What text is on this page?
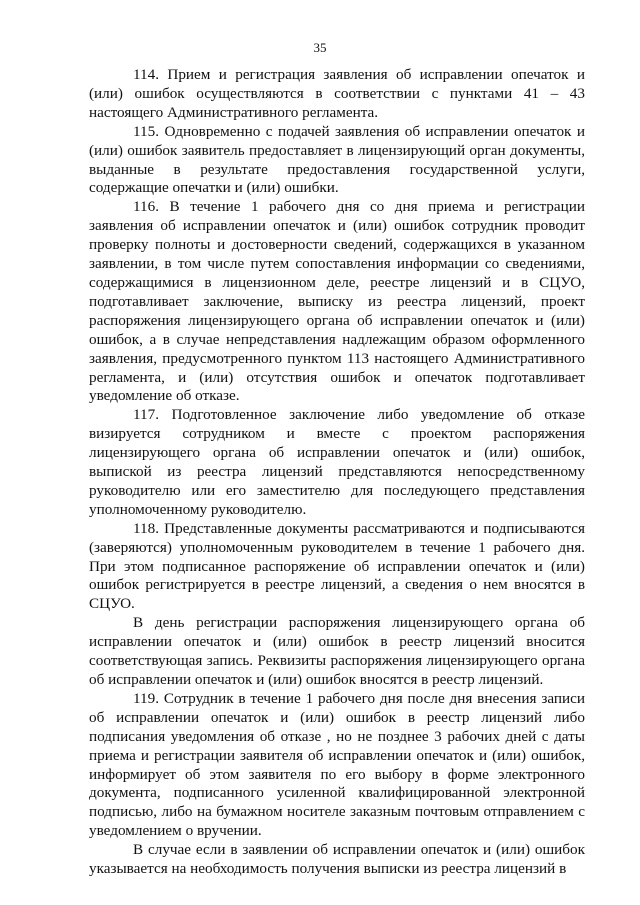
35

114. Прием и регистрация заявления об исправлении опечаток и (или) ошибок осуществляются в соответствии с пунктами 41 – 43 настоящего Административного регламента.

115. Одновременно с подачей заявления об исправлении опечаток и (или) ошибок заявитель предоставляет в лицензирующий орган документы, выданные в результате предоставления государственной услуги, содержащие опечатки и (или) ошибки.

116. В течение 1 рабочего дня со дня приема и регистрации заявления об исправлении опечаток и (или) ошибок сотрудник проводит проверку полноты и достоверности сведений, содержащихся в указанном заявлении, в том числе путем сопоставления информации со сведениями, содержащимися в лицензионном деле, реестре лицензий и в СЦУО, подготавливает заключение, выписку из реестра лицензий, проект распоряжения лицензирующего органа об исправлении опечаток и (или) ошибок, а в случае непредставления надлежащим образом оформленного заявления, предусмотренного пунктом 113 настоящего Административного регламента, и (или) отсутствия ошибок и опечаток подготавливает уведомление об отказе.

117. Подготовленное заключение либо уведомление об отказе визируется сотрудником и вместе с проектом распоряжения лицензирующего органа об исправлении опечаток и (или) ошибок, выпиской из реестра лицензий представляются непосредственному руководителю или его заместителю для последующего представления уполномоченному руководителю.

118. Представленные документы рассматриваются и подписываются (заверяются) уполномоченным руководителем в течение 1 рабочего дня. При этом подписанное распоряжение об исправлении опечаток и (или) ошибок регистрируется в реестре лицензий, а сведения о нем вносятся в СЦУО.

В день регистрации распоряжения лицензирующего органа об исправлении опечаток и (или) ошибок в реестр лицензий вносится соответствующая запись. Реквизиты распоряжения лицензирующего органа об исправлении опечаток и (или) ошибок вносятся в реестр лицензий.

119. Сотрудник в течение 1 рабочего дня после дня внесения записи об исправлении опечаток и (или) ошибок в реестр лицензий либо подписания уведомления об отказе , но не позднее 3 рабочих дней с даты приема и регистрации заявителя об исправлении опечаток и (или) ошибок, информирует об этом заявителя по его выбору в форме электронного документа, подписанного усиленной квалифицированной электронной подписью, либо на бумажном носителе заказным почтовым отправлением с уведомлением о вручении.

В случае если в заявлении об исправлении опечаток и (или) ошибок указывается на необходимость получения выписки из реестра лицензий в
